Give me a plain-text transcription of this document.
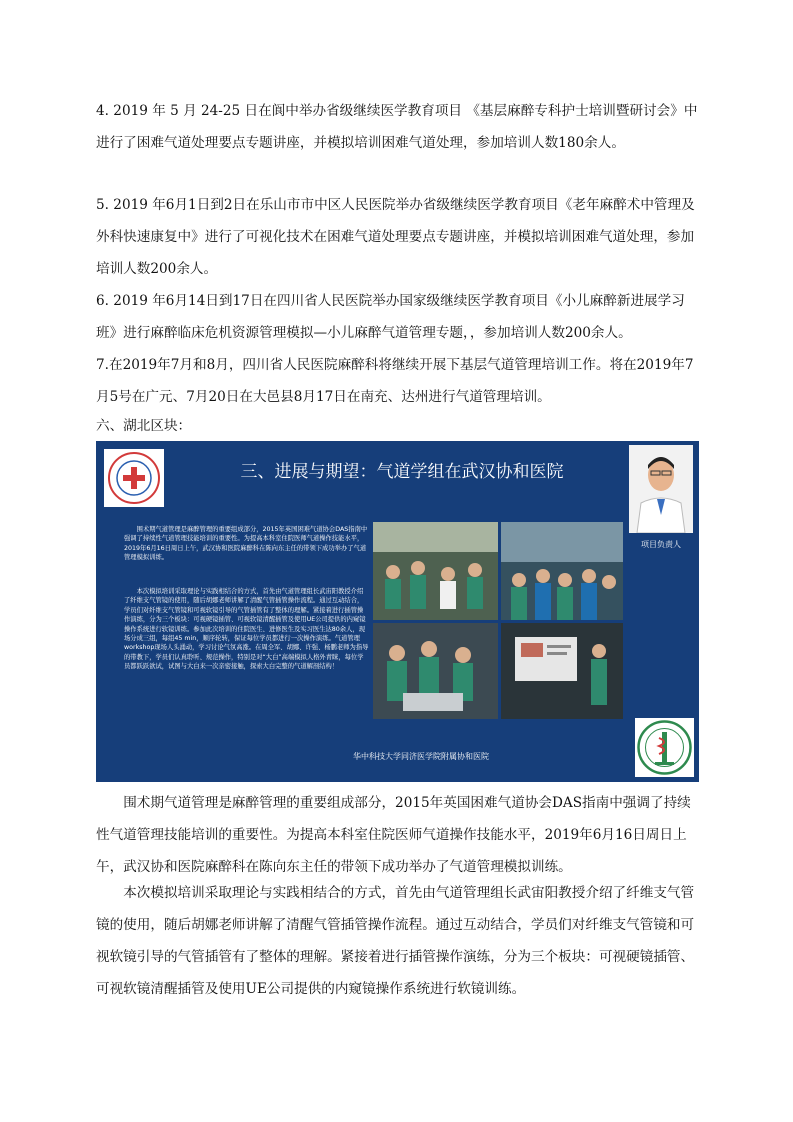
4. 2019 年 5 月 24-25 日在阆中举办省级继续医学教育项目 《基层麻醉专科护士培训暨研讨会》中进行了困难气道处理要点专题讲座，并模拟培训困难气道处理，参加培训人数180余人。

5. 2019 年6月1日到2日在乐山市市中区人民医院举办省级继续医学教育项目《老年麻醉术中管理及外科快速康复中》进行了可视化技术在困难气道处理要点专题讲座，并模拟培训困难气道处理，参加培训人数200余人。

6. 2019 年6月14日到17日在四川省人民医院举办国家级继续医学教育项目《小儿麻醉新进展学习班》进行麻醉临床危机资源管理模拟—小儿麻醉气道管理专题，，参加培训人数200余人。

7.在2019年7月和8月，四川省人民医院麻醉科将继续开展下基层气道管理培训工作。将在2019年7月5号在广元、7月20日在大邑县8月17日在南充、达州进行气道管理培训。

六、湖北区块：

三、进展与期望：气道学组在武汉协和医院
项目负责人

围术期气道管理是麻醉管理的重要组成部分，2015年英国困难气道协会DAS指南中强调了持续性气道管理技能培训的重要性。为提高本科室住院医师气道操作技能水平，2019年6月16日周日上午，武汉协和医院麻醉科在陈向东主任的带领下成功举办了气道管理模拟训练。

本次模拟培训采取理论与实践相结合的方式，首先由气道管理组长武宙阳教授介绍了纤维支气管镜的使用，随后胡娜老师讲解了清醒气管插管操作流程。通过互动结合，学员们对纤维支气管镜和可视软镜引导的气管插管有了整体的理解。紧接着进行插管操作演练，分为三个板块：可视硬镜插管、可视软镜清醒插管及使用UE公司提供的内窥镜操作系统进行软镜训练。参加此次培训的住院医生、进修医生及实习医生达80余人，现场分成三组，每组45 min，顺序轮转，保证每位学员都进行一次操作演练。气道管理workshop现场人头涌动，学习讨论气氛高涨。在周全军、胡娜、许强、杨鹏老师为指导的带教下，学员们认真聆听、规范操作，特别是对“大白”高端模拟人格外青睐，每位学员都跃跃欲试，试图与大白来一次亲密接触，探索大白完整的气道解剖结构！

华中科技大学同济医学院附属协和医院

围术期气道管理是麻醉管理的重要组成部分，2015年英国困难气道协会DAS指南中强调了持续性气道管理技能培训的重要性。为提高本科室住院医师气道操作技能水平，2019年6月16日周日上午，武汉协和医院麻醉科在陈向东主任的带领下成功举办了气道管理模拟训练。

本次模拟培训采取理论与实践相结合的方式，首先由气道管理组长武宙阳教授介绍了纤维支气管镜的使用，随后胡娜老师讲解了清醒气管插管操作流程。通过互动结合，学员们对纤维支气管镜和可视软镜引导的气管插管有了整体的理解。紧接着进行插管操作演练，分为三个板块：可视硬镜插管、可视软镜清醒插管及使用UE公司提供的内窥镜操作系统进行软镜训练。
